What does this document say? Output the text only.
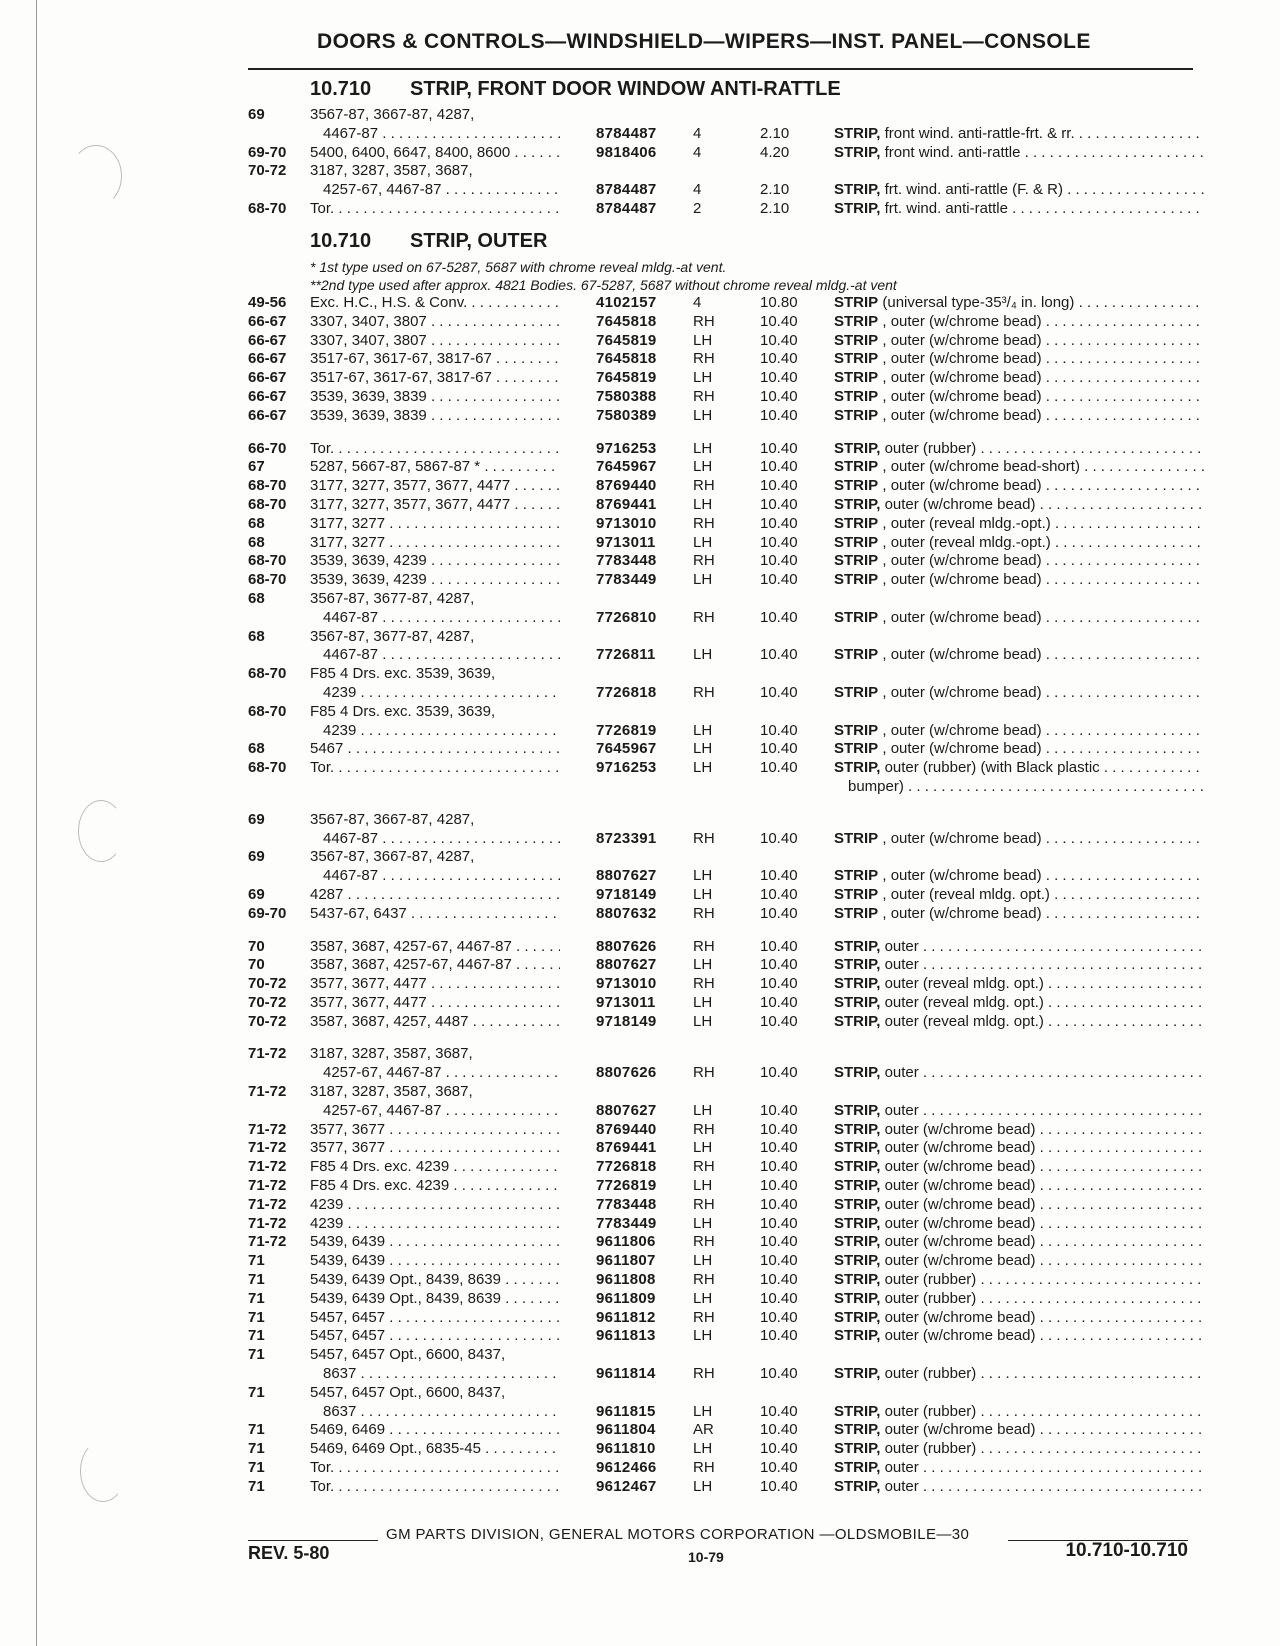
DOORS & CONTROLS—WINDSHIELD—WIPERS—INST. PANEL—CONSOLE
10.710 STRIP, FRONT DOOR WINDOW ANTI-RATTLE
69	3567-87, 3667-87, 4287,
4467-87 . . .	8784487 4	2.10	STRIP, front wind. anti-rattle-frt. & rr. . . .
69-70	5400, 6400, 6647, 8400, 8600 . . .	9818406 4	4.20	STRIP, front wind. anti-rattle . . .
70-72	3187, 3287, 3587, 3687,
4257-67, 4467-87 . . .	8784487 4	2.10	STRIP, frt. wind. anti-rattle (F. & R) . . .
68-70	Tor. . . .	8784487 2	2.10	STRIP, frt. wind. anti-rattle . . .
10.710 STRIP, OUTER
* 1st type used on 67-5287, 5687 with chrome reveal mldg.-at vent.
**2nd type used after approx. 4821 Bodies. 67-5287, 5687 without chrome reveal mldg.-at vent
49-56	Exc. H.C., H.S. & Conv. . . .	4102157 4	10.80 STRIP (universal type-35³/₄ in. long) . . .
66-67	3307, 3407, 3807 . . .	7645818 RH	10.40 STRIP , outer (w/chrome bead) . . .
66-67	3307, 3407, 3807 . . .	7645819 LH	10.40 STRIP , outer (w/chrome bead) . . .
66-67	3517-67, 3617-67, 3817-67 . . .	7645818 RH	10.40 STRIP , outer (w/chrome bead) . . .
66-67	3517-67, 3617-67, 3817-67 . . .	7645819 LH	10.40 STRIP , outer (w/chrome bead) . . .
66-67	3539, 3639, 3839 . . .	7580388 RH	10.40 STRIP , outer (w/chrome bead) . . .
66-67	3539, 3639, 3839 . . .	7580389 LH	10.40 STRIP , outer (w/chrome bead) . . .
66-70	Tor. . . .	9716253 LH	10.40 STRIP, outer (rubber) . . .
67	5287, 5667-87, 5867-87 * . . .	7645967 LH	10.40 STRIP , outer (w/chrome bead-short) . . .
68-70	3177, 3277, 3577, 3677, 4477 . . .	8769440 RH	10.40 STRIP , outer (w/chrome bead) . . .
68-70	3177, 3277, 3577, 3677, 4477 . . .	8769441 LH	10.40 STRIP, outer (w/chrome bead) . . .
68	3177, 3277 . . .	9713010 RH	10.40 STRIP , outer (reveal mldg.-opt.) . . .
68	3177, 3277 . . .	9713011 LH	10.40 STRIP , outer (reveal mldg.-opt.) . . .
68-70	3539, 3639, 4239 . . .	7783448 RH	10.40 STRIP , outer (w/chrome bead) . . .
68-70	3539, 3639, 4239 . . .	7783449 LH	10.40 STRIP , outer (w/chrome bead) . . .
68	3567-87, 3677-87, 4287,
4467-87 . . .	7726810 RH	10.40 STRIP , outer (w/chrome bead) . . .
68	3567-87, 3677-87, 4287,
4467-87 . . .	7726811 LH	10.40 STRIP , outer (w/chrome bead) . . .
68-70	F85 4 Drs. exc. 3539, 3639,
4239 . . .	7726818 RH	10.40 STRIP , outer (w/chrome bead) . . .
68-70	F85 4 Drs. exc. 3539, 3639,
4239 . . .	7726819 LH	10.40 STRIP , outer (w/chrome bead) . . .
68	5467 . . .	7645967 LH	10.40 STRIP , outer (w/chrome bead) . . .
68-70	Tor. . . .	9716253 LH	10.40 STRIP, outer (rubber) (with Black plastic . . .
bumper) . . .
69	3567-87, 3667-87, 4287,
4467-87 . . .	8723391 RH	10.40 STRIP , outer (w/chrome bead) . . .
69	3567-87, 3667-87, 4287,
4467-87 . . .	8807627 LH	10.40 STRIP , outer (w/chrome bead) . . .
69	4287 . . .	9718149 LH	10.40 STRIP , outer (reveal mldg. opt.) . . .
69-70	5437-67, 6437 . . .	8807632 RH	10.40 STRIP , outer (w/chrome bead) . . .
70	3587, 3687, 4257-67, 4467-87 . . .	8807626 RH	10.40 STRIP, outer . . .
70	3587, 3687, 4257-67, 4467-87 . . .	8807627 LH	10.40 STRIP, outer . . .
70-72	3577, 3677, 4477 . . .	9713010 RH	10.40 STRIP, outer (reveal mldg. opt.) . . .
70-72	3577, 3677, 4477 . . .	9713011 LH	10.40 STRIP, outer (reveal mldg. opt.) . . .
70-72	3587, 3687, 4257, 4487 . . .	9718149 LH	10.40 STRIP, outer (reveal mldg. opt.) . . .
71-72	3187, 3287, 3587, 3687,
4257-67, 4467-87 . . .	8807626 RH	10.40 STRIP, outer . . .
71-72	3187, 3287, 3587, 3687,
4257-67, 4467-87 . . .	8807627 LH	10.40 STRIP, outer . . .
71-72	3577, 3677 . . .	8769440 RH	10.40 STRIP, outer (w/chrome bead) . . .
71-72	3577, 3677 . . .	8769441 LH	10.40 STRIP, outer (w/chrome bead) . . .
71-72	F85 4 Drs. exc. 4239 . . .	7726818 RH	10.40 STRIP, outer (w/chrome bead) . . .
71-72	F85 4 Drs. exc. 4239 . . .	7726819 LH	10.40 STRIP, outer (w/chrome bead) . . .
71-72	4239 . . .	7783448 RH	10.40 STRIP, outer (w/chrome bead) . . .
71-72	4239 . . .	7783449 LH	10.40 STRIP, outer (w/chrome bead) . . .
71-72	5439, 6439 . . .	9611806 RH	10.40 STRIP, outer (w/chrome bead) . . .
71	5439, 6439 . . .	9611807 LH	10.40 STRIP, outer (w/chrome bead) . . .
71	5439, 6439 Opt., 8439, 8639 . . .	9611808 RH	10.40 STRIP, outer (rubber) . . .
71	5439, 6439 Opt., 8439, 8639 . . .	9611809 LH	10.40 STRIP, outer (rubber) . . .
71	5457, 6457 . . .	9611812 RH	10.40 STRIP, outer (w/chrome bead) . . .
71	5457, 6457 . . .	9611813 LH	10.40 STRIP, outer (w/chrome bead) . . .
71	5457, 6457 Opt., 6600, 8437,
8637 . . .	9611814 RH	10.40 STRIP, outer (rubber) . . .
71	5457, 6457 Opt., 6600, 8437,
8637 . . .	9611815 LH	10.40 STRIP, outer (rubber) . . .
71	5469, 6469 . . .	9611804 AR	10.40 STRIP, outer (w/chrome bead) . . .
71	5469, 6469 Opt., 6835-45 . . .	9611810 LH	10.40 STRIP, outer (rubber) . . .
71	Tor. . . .	9612466 RH	10.40 STRIP, outer . . .
71	Tor. . . .	9612467 LH	10.40 STRIP, outer . . .
GM PARTS DIVISION, GENERAL MOTORS CORPORATION —OLDSMOBILE—30
REV. 5-80	10-79	10.710-10.710
